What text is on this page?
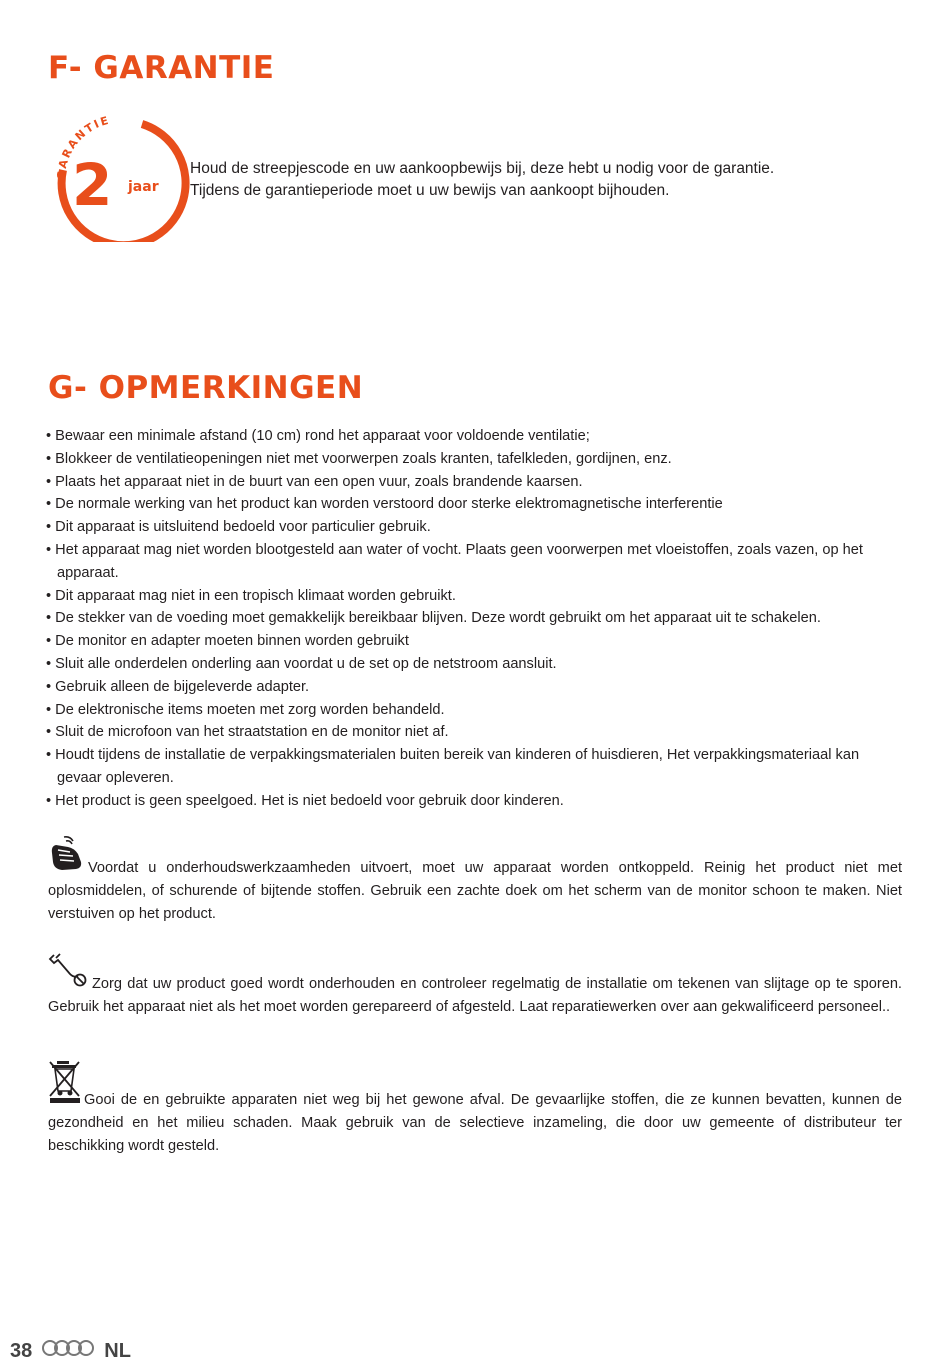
F- GARANTIE
GARANTIE
2 jaar
Houd de streepjescode en uw aankoopbewijs bij, deze hebt u nodig voor de garantie.
Tijdens de garantieperiode moet u uw bewijs van aankoopt bijhouden.
G- OPMERKINGEN
• Bewaar een minimale afstand (10 cm) rond het apparaat voor voldoende ventilatie;
• Blokkeer de ventilatieopeningen niet met voorwerpen zoals kranten, tafelkleden, gordijnen, enz.
• Plaats het apparaat niet in de buurt van een open vuur, zoals brandende kaarsen.
• De normale werking van het product kan worden verstoord door sterke elektromagnetische interferentie
• Dit apparaat is uitsluitend bedoeld voor particulier gebruik.
• Het apparaat mag niet worden blootgesteld aan water of vocht. Plaats geen voorwerpen met vloeistoffen, zoals vazen, op het apparaat.
• Dit apparaat mag niet in een tropisch klimaat worden gebruikt.
• De stekker van de voeding moet gemakkelijk bereikbaar blijven. Deze wordt gebruikt om het apparaat uit te schakelen.
• De monitor en adapter moeten binnen worden gebruikt
• Sluit alle onderdelen onderling aan voordat u de set op de netstroom aansluit.
• Gebruik alleen de bijgeleverde adapter.
• De elektronische items moeten met zorg worden behandeld.
• Sluit de microfoon van het straatstation en de monitor niet af.
• Houdt tijdens de installatie de verpakkingsmaterialen buiten bereik van kinderen of huisdieren, Het verpakkingsmateriaal kan gevaar opleveren.
• Het product is geen speelgoed. Het is niet bedoeld voor gebruik door kinderen.

Voordat u onderhoudswerkzaamheden uitvoert, moet uw apparaat worden ontkoppeld. Reinig het product niet met oplosmiddelen, of schurende of bijtende stoffen. Gebruik een zachte doek om het scherm van de monitor schoon te maken. Niet verstuiven op het product.

Zorg dat uw product goed wordt onderhouden en controleer regelmatig de installatie om tekenen van slijtage op te sporen. Gebruik het apparaat niet als het moet worden gerepareerd of afgesteld. Laat reparatiewerken over aan gekwalificeerd personeel..

Gooi de en gebruikte apparaten niet weg bij het gewone afval. De gevaarlijke stoffen, die ze kunnen bevatten, kunnen de gezondheid en het milieu schaden. Maak gebruik van de selectieve inzameling, die door uw gemeente of distributeur ter beschikking wordt gesteld.

38	NL
